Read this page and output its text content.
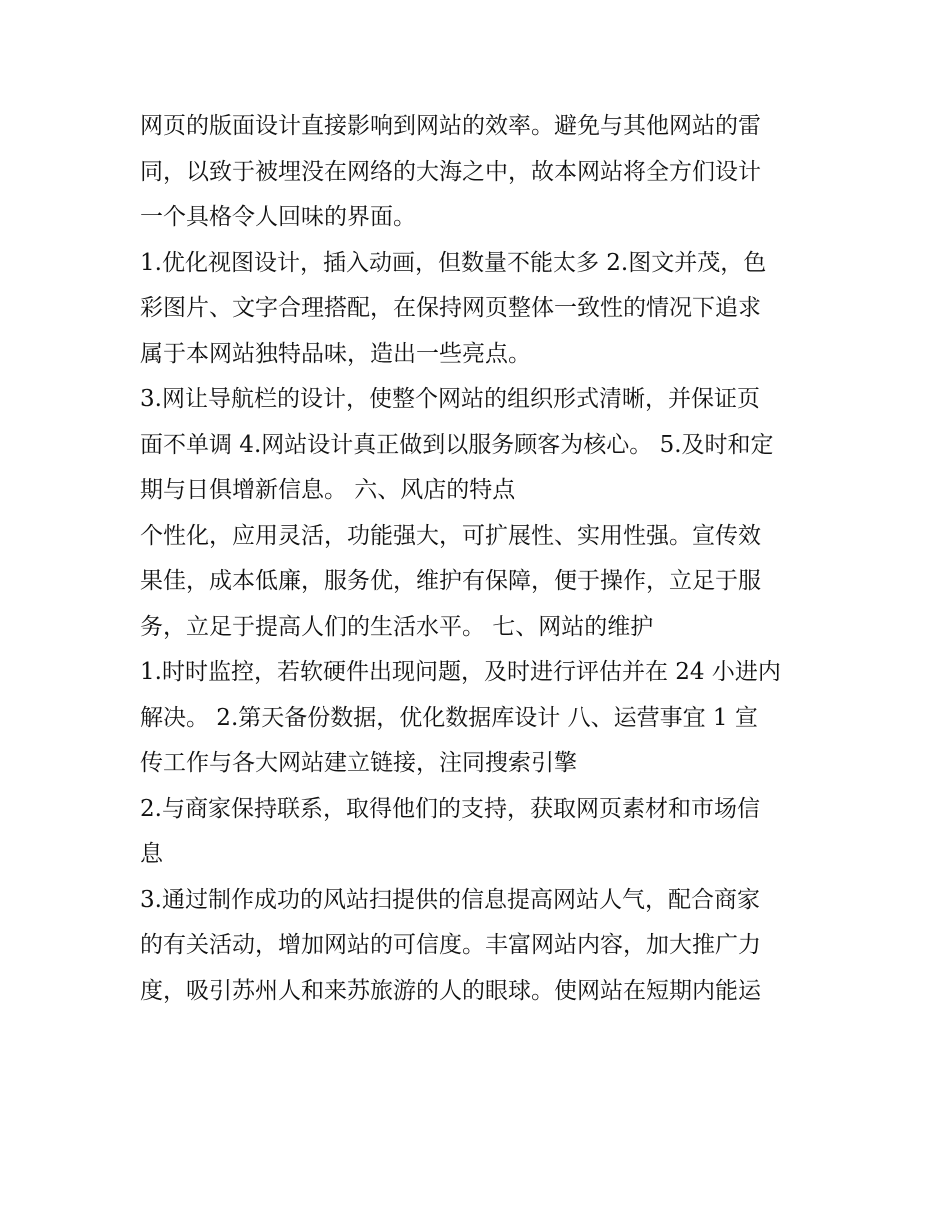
网页的版面设计直接影响到网站的效率。避免与其他网站的雷
同，以致于被埋没在网络的大海之中，故本网站将全方们设计
一个具格令人回味的界面。
1.优化视图设计，插入动画，但数量不能太多 2.图文并茂，色
彩图片、文字合理搭配，在保持网页整体一致性的情况下追求
属于本网站独特品味，造出一些亮点。
3.网让导航栏的设计，使整个网站的组织形式清晰，并保证页
面不单调 4.网站设计真正做到以服务顾客为核心。 5.及时和定
期与日俱增新信息。 六、风店的特点
个性化，应用灵活，功能强大，可扩展性、实用性强。宣传效
果佳，成本低廉，服务优，维护有保障，便于操作，立足于服
务，立足于提高人们的生活水平。 七、网站的维护
1.时时监控，若软硬件出现问题，及时进行评估并在 24 小进内
解决。 2.第天备份数据，优化数据库设计 八、运营事宜 1 宣
传工作与各大网站建立链接，注同搜索引擎
2.与商家保持联系，取得他们的支持，获取网页素材和市场信
息
3.通过制作成功的风站扫提供的信息提高网站人气，配合商家
的有关活动，增加网站的可信度。丰富网站内容，加大推广力
度，吸引苏州人和来苏旅游的人的眼球。使网站在短期内能运
